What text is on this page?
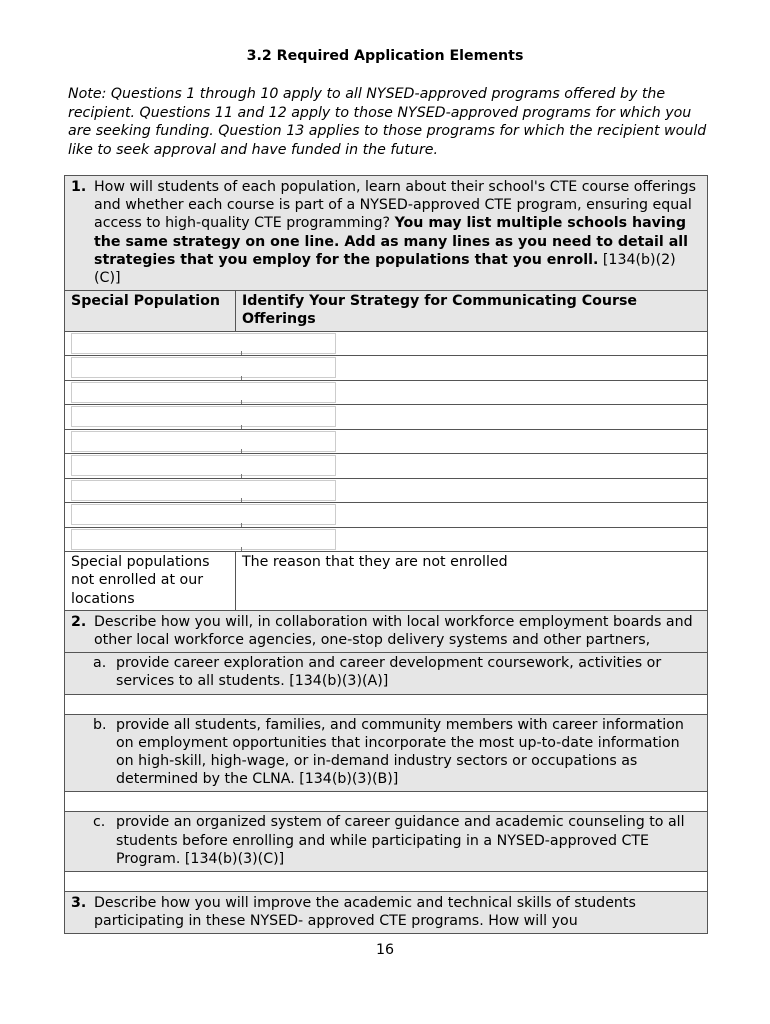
3.2 Required Application Elements
Note: Questions 1 through 10 apply to all NYSED-approved programs offered by the recipient. Questions 11 and 12 apply to those NYSED-approved programs for which you are seeking funding. Question 13 applies to those programs for which the recipient would like to seek approval and have funded in the future.
1. How will students of each population, learn about their school's CTE course offerings and whether each course is part of a NYSED-approved CTE program, ensuring equal access to high-quality CTE programming? You may list multiple schools having the same strategy on one line. Add as many lines as you need to detail all strategies that you employ for the populations that you enroll. [134(b)(2)(C)]
Special Population	Identify Your Strategy for Communicating Course Offerings
Special populations not enrolled at our locations
The reason that they are not enrolled
2. Describe how you will, in collaboration with local workforce employment boards and other local workforce agencies, one-stop delivery systems and other partners,
a. provide career exploration and career development coursework, activities or services to all students. [134(b)(3)(A)]
b. provide all students, families, and community members with career information on employment opportunities that incorporate the most up-to-date information on high-skill, high-wage, or in-demand industry sectors or occupations as determined by the CLNA. [134(b)(3)(B)]
c. provide an organized system of career guidance and academic counseling to all students before enrolling and while participating in a NYSED-approved CTE Program. [134(b)(3)(C)]
3. Describe how you will improve the academic and technical skills of students participating in these NYSED- approved CTE programs. How will you
16
